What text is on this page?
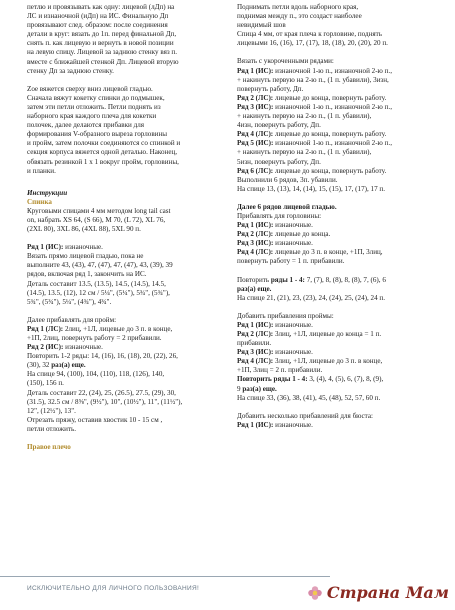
петлю и провязывать как одну: лицевой (лДп) на

ЛС и изнаночной (иДп) на ИС. Финальную Дп

провязывают след. образом: после соединения

детали в круг: вязать до 1п. перед финальной Дп,

снять п. как лицевую и вернуть в новой позиции

на левую спицу. Лицевой за заднюю стенку вяз п.

вместе с ближайшей стенкой Дп. Лицевой вторую

стенку Дп за заднюю стенку.

Zoe вяжется сверху вниз лицевой гладью.

Сначала вяжут кокетку спинки до подмышек,

затем эти петли отложить. Петли поднять из

наборного края каждого плеча для кокетки

полочек, далее делаются прибавки для

формирования V-образного выреза горловины

и пройм, затем полочки соединяются со спинкой и

секция корпуса вяжется одной деталью. Наконец,

обвязать резинкой 1 х 1 вокруг пройм, горловины,

и планки.

Инструкции

Спинка

Круговыми спицами 4 мм методом long tail cast

on, набрать XS 64, (S 66), M 70, (L 72), XL 76,

(2XL 80), 3XL 86, (4XL 88), 5XL 90 п.

Ряд 1 (ИС): изнаночные.

Вязать прямо лицевой гладью, пока не

выполните 43, (43), 47, (47), 47, (47), 43, (39), 39

рядов, включая ряд 1, закончить на ИС.

Деталь составит 13.5, (13.5), 14.5, (14.5), 14.5,

(14.5), 13.5, (12), 12 см / 5¼", (5¼"), 5¾", (5¾"),

5¾", (5¾"), 5¼", (4¾"), 4¾".

Далее прибавлять для пройм:

Ряд 1 (ЛС): 2лиц, +1Л, лицевые до 3 п. в конце,

+1П, 2лиц, повернуть работу = 2 прибавили.

Ряд 2 (ИС): изнаночные.

Повторить 1-2 ряды: 14, (16), 16, (18), 20, (22), 26,

(30), 32 раз(а) еще.

На спице 94, (100), 104, (110), 118, (126), 140,

(150), 156 п.

Деталь составит 22, (24), 25, (26.5), 27.5, (29), 30,

(31.5), 32.5 см / 8⅝", (9½"), 10", (10½"), 11", (11½"),

12", (12½"), 13".

Отрезать пряжу, оставив хвостик 10 - 15 см ,

петли отложить.

Правое плечо

Поднимать петли вдоль наборного края,

поднимая между п., это создаст наиболее

невидимый шов

Спица 4 мм, от края плеча к горловине, поднять

лицевыми 16, (16), 17, (17), 18, (18), 20, (20), 20 п.

Вязать с укороченными рядами:

Ряд 1 (ИС): изнаночной 1-ю п., изнаночной 2-ю п.,

+ накинуть первую на 2-ю п., (1 п. убавили), 3изн,

повернуть работу, Дп.

Ряд 2 (ЛС): лицевые до конца, повернуть работу.

Ряд 3 (ИС): изнаночной 1-ю п., изнаночной 2-ю п.,

+ накинуть первую на 2-ю п., (1 п. убавили),

4изн, повернуть работу, Дп.

Ряд 4 (ЛС): лицевые до конца, повернуть работу.

Ряд 5 (ИС): изнаночной 1-ю п., изнаночной 2-ю п.,

+ накинуть первую на 2-ю п., (1 п. убавили),

5изн, повернуть работу, Дп.

Ряд 6 (ЛС): лицевые до конца, повернуть работу.

Выполнили 6 рядов, 3п. убавили.

На спице 13, (13), 14, (14), 15, (15), 17, (17), 17 п.

Далее 6 рядов лицевой гладью.

Прибавлять для горловины:

Ряд 1 (ИС): изнаночные.

Ряд 2 (ЛС): лицевые до конца.

Ряд 3 (ИС): изнаночные.

Ряд 4 (ЛС): лицевые до 3 п. в конце, +1П, 3лиц,

повернуть работу = 1 п. прибавили.

Повторить ряды 1 - 4: 7, (7), 8, (8), 8, (8), 7, (6), 6

раз(а) еще.

На спице 21, (21), 23, (23), 24, (24), 25, (24), 24 п.

Добавить прибавления проймы:

Ряд 1 (ИС): изнаночные.

Ряд 2 (ЛС): 3лиц, +1Л, лицевые до конца = 1 п.

прибавили.

Ряд 3 (ИС): изнаночные.

Ряд 4 (ЛС): 3лиц, +1Л, лицевые до 3 п. в конце,

+1П, 3лиц = 2 п. прибавили.

Повторить ряды 1 - 4: 3, (4), 4, (5), 6, (7), 8, (9),

9 раз(а) еще.

На спице 33, (36), 38, (41), 45, (48), 52, 57, 60 п.

Добавить несколько прибавлений для бюста:

Ряд 1 (ИС): изнаночные.

ИСКЛЮЧИТЕЛЬНО ДЛЯ ЛИЧНОГО ПОЛЬЗОВАНИЯ!	Страна Мам
